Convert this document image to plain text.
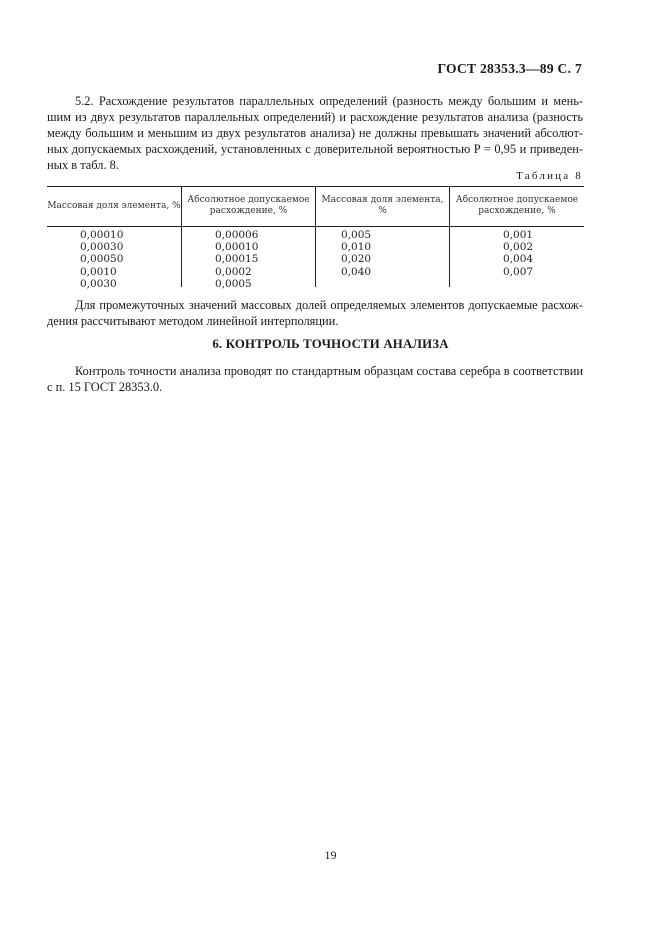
ГОСТ 28353.3—89 С. 7
5.2. Расхождение результатов параллельных определений (разность между большим и мень-
шим из двух результатов параллельных определений) и расхождение результатов анализа (разность
между большим и меньшим из двух результатов анализа) не должны превышать значений абсолют-
ных допускаемых расхождений, установленных с доверительной вероятностью P = 0,95 и приведен-
ных в табл. 8.
Таблица 8
Массовая доля элемента, %
Абсолютное допускаемое расхождение, %
Массовая доля элемента, %
Абсолютное допускаемое расхождение, %
0,00010
0,00030
0,00050
0,0010
0,0030
0,00006
0,00010
0,00015
0,0002
0,0005
0,005
0,010
0,020
0,040
0,001
0,002
0,004
0,007
Для промежуточных значений массовых долей определяемых элементов допускаемые расхож-
дения рассчитывают методом линейной интерполяции.
6. КОНТРОЛЬ ТОЧНОСТИ АНАЛИЗА
Контроль точности анализа проводят по стандартным образцам состава серебра в соответствии
с п. 15 ГОСТ 28353.0.
19
